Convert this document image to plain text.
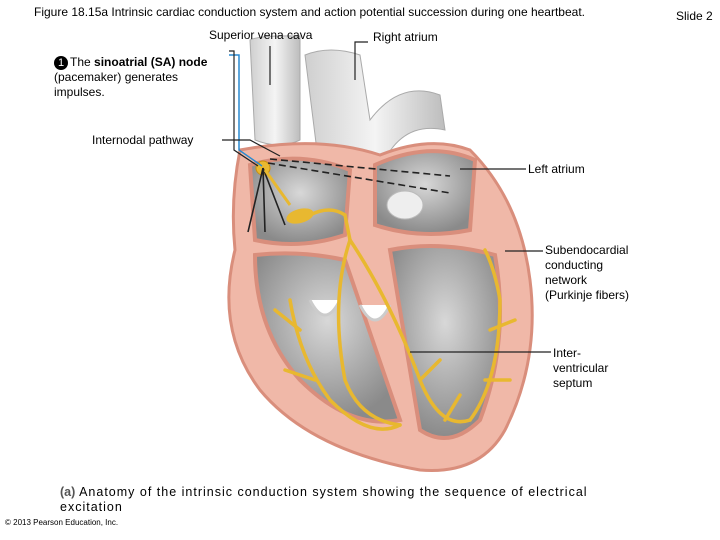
Figure 18.15a Intrinsic cardiac conduction system and action potential succession during one heartbeat.	Slide 2
Superior vena cava	Right atrium
1 The sinoatrial (SA) node (pacemaker) generates impulses.
Internodal pathway
Left atrium
Subendocardial
conducting
network
(Purkinje fibers)
Inter-
ventricular
septum
(a) Anatomy of the intrinsic conduction system showing the sequence of electrical excitation
© 2013 Pearson Education, Inc.
